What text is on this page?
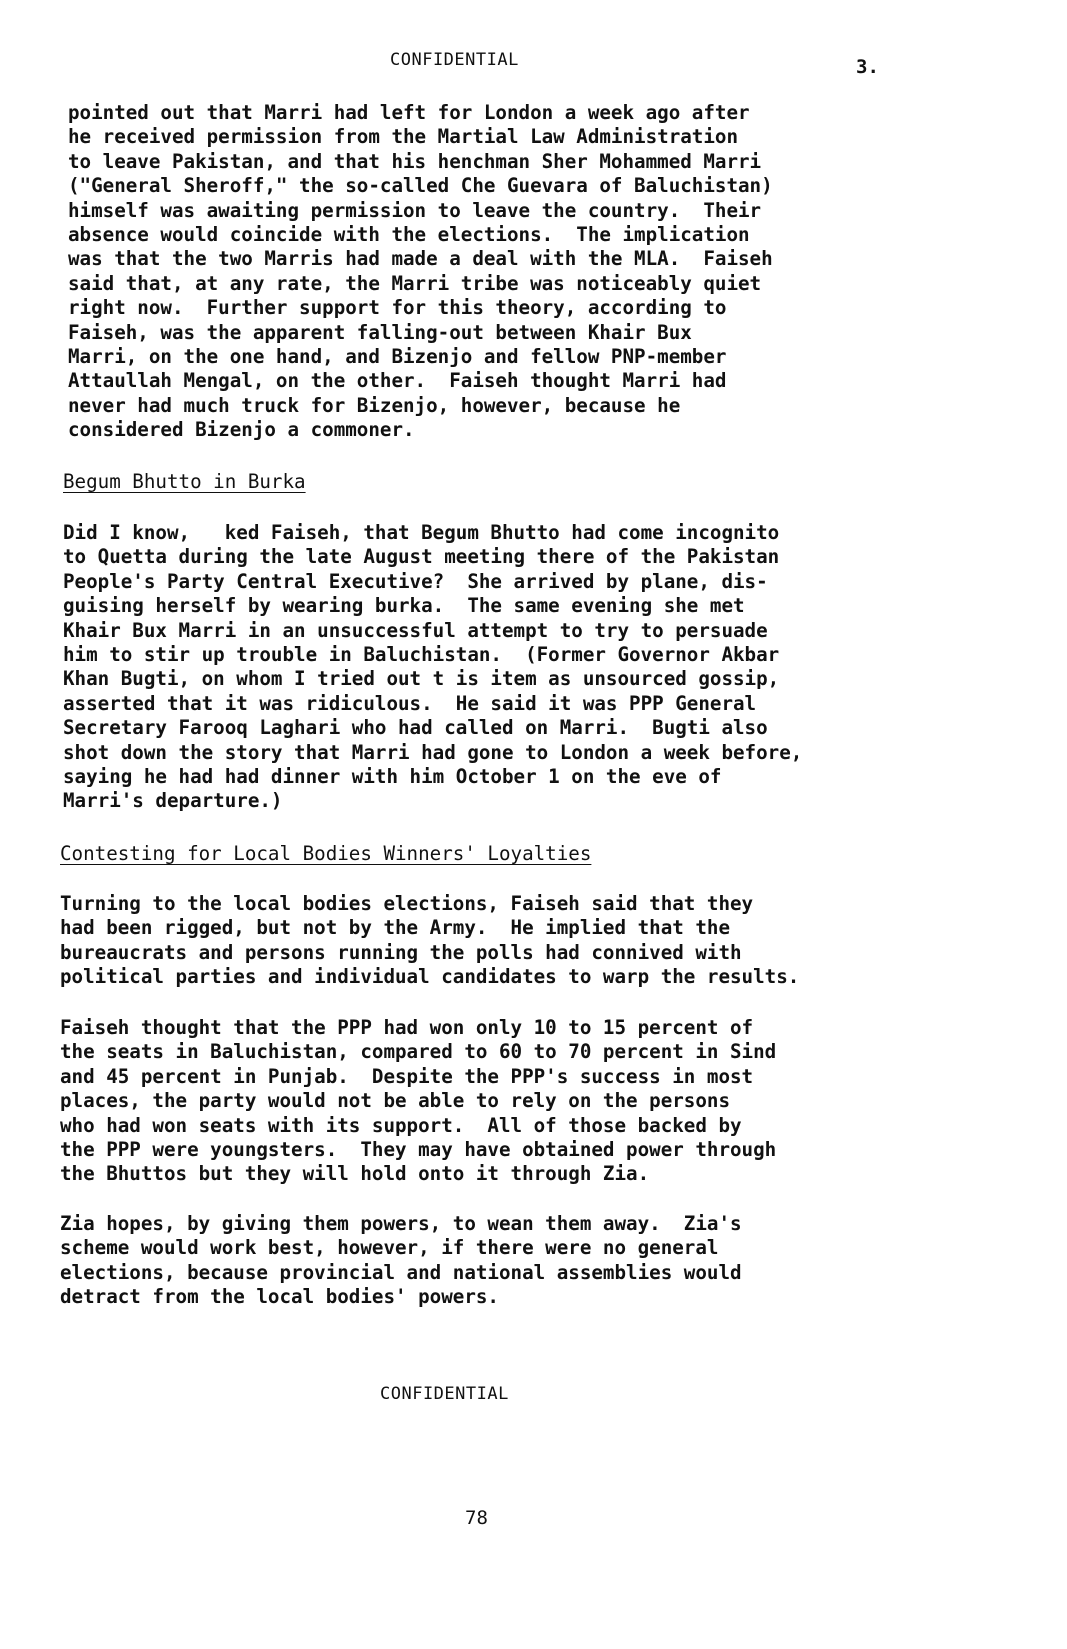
CONFIDENTIAL	3.

pointed out that Marri had left for London a week ago after
he received permission from the Martial Law Administration
to leave Pakistan, and that his henchman Sher Mohammed Marri
("General Sheroff," the so-called Che Guevara of Baluchistan)
himself was awaiting permission to leave the country.  Their
absence would coincide with the elections.  The implication
was that the two Marris had made a deal with the MLA.  Faiseh
said that, at any rate, the Marri tribe was noticeably quiet
right now.  Further support for this theory, according to
Faiseh, was the apparent falling-out between Khair Bux
Marri, on the one hand, and Bizenjo and fellow PNP-member
Attaullah Mengal, on the other.  Faiseh thought Marri had
never had much truck for Bizenjo, however, because he
considered Bizenjo a commoner.

Begum Bhutto in Burka

Did I know,   ked Faiseh, that Begum Bhutto had come incognito
to Quetta during the late August meeting there of the Pakistan
People's Party Central Executive?  She arrived by plane, dis-
guising herself by wearing burka.  The same evening she met
Khair Bux Marri in an unsuccessful attempt to try to persuade
him to stir up trouble in Baluchistan.  (Former Governor Akbar
Khan Bugti, on whom I tried out t is item as unsourced gossip,
asserted that it was ridiculous.  He said it was PPP General
Secretary Farooq Laghari who had called on Marri.  Bugti also
shot down the story that Marri had gone to London a week before,
saying he had had dinner with him October 1 on the eve of
Marri's departure.)

Contesting for Local Bodies Winners' Loyalties

Turning to the local bodies elections, Faiseh said that they
had been rigged, but not by the Army.  He implied that the
bureaucrats and persons running the polls had connived with
political parties and individual candidates to warp the results.

Faiseh thought that the PPP had won only 10 to 15 percent of
the seats in Baluchistan, compared to 60 to 70 percent in Sind
and 45 percent in Punjab.  Despite the PPP's success in most
places, the party would not be able to rely on the persons
who had won seats with its support.  All of those backed by
the PPP were youngsters.  They may have obtained power through
the Bhuttos but they will hold onto it through Zia.

Zia hopes, by giving them powers, to wean them away.  Zia's
scheme would work best, however, if there were no general
elections, because provincial and national assemblies would
detract from the local bodies' powers.

CONFIDENTIAL
78
